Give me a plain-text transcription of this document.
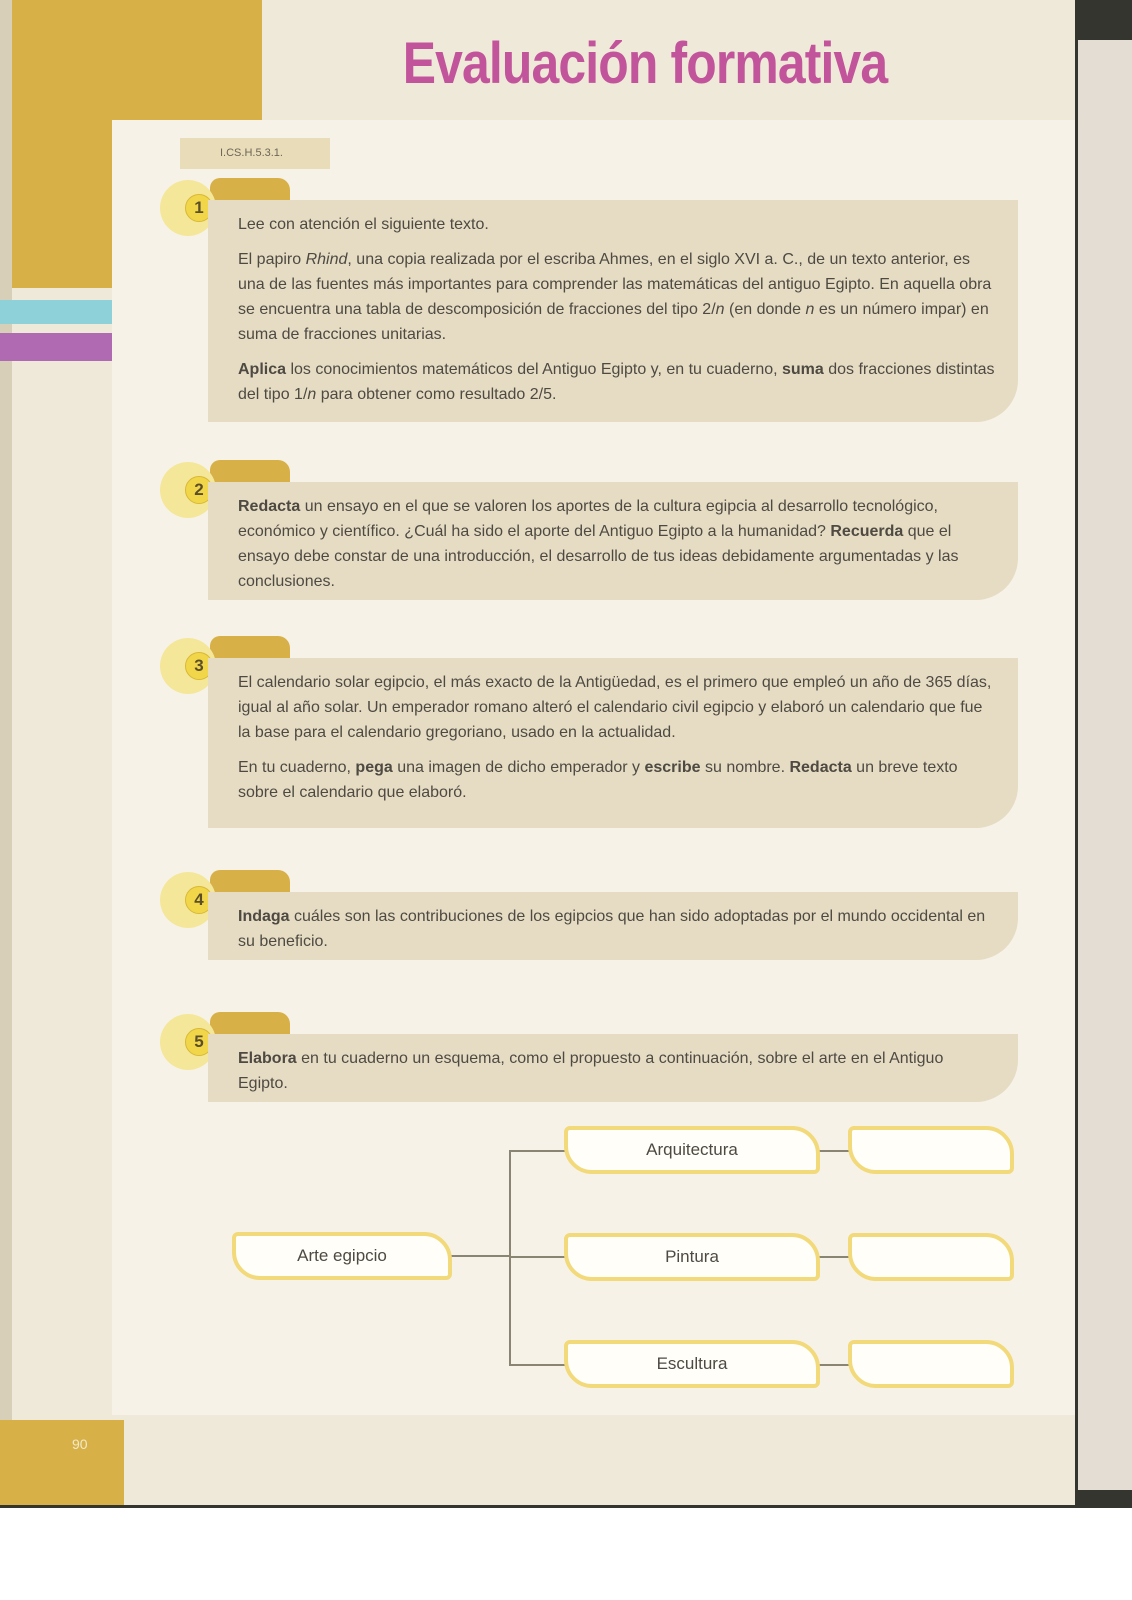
Evaluación formativa
I.CS.H.5.3.1.
1

Lee con atención el siguiente texto.

El papiro Rhind, una copia realizada por el escriba Ahmes, en el siglo XVI a. C., de un texto anterior, es una de las fuentes más importantes para comprender las matemáticas del antiguo Egipto. En aquella obra se encuentra una tabla de descomposición de fracciones del tipo 2/n (en donde n es un número impar) en suma de fracciones unitarias.

Aplica los conocimientos matemáticos del Antiguo Egipto y, en tu cuaderno, suma dos fracciones distintas del tipo 1/n para obtener como resultado 2/5.

2

Redacta un ensayo en el que se valoren los aportes de la cultura egipcia al desarrollo tecnológico, económico y científico. ¿Cuál ha sido el aporte del Antiguo Egipto a la humanidad? Recuerda que el ensayo debe constar de una introducción, el desarrollo de tus ideas debidamente argumentadas y las conclusiones.

3

El calendario solar egipcio, el más exacto de la Antigüedad, es el primero que empleó un año de 365 días, igual al año solar. Un emperador romano alteró el calendario civil egipcio y elaboró un calendario que fue la base para el calendario gregoriano, usado en la actualidad.

En tu cuaderno, pega una imagen de dicho emperador y escribe su nombre. Redacta un breve texto sobre el calendario que elaboró.

4

Indaga cuáles son las contribuciones de los egipcios que han sido adoptadas por el mundo occidental en su beneficio.

5

Elabora en tu cuaderno un esquema, como el propuesto a continuación, sobre el arte en el Antiguo Egipto.

Arte egipcio
Arquitectura
Pintura
Escultura
90
